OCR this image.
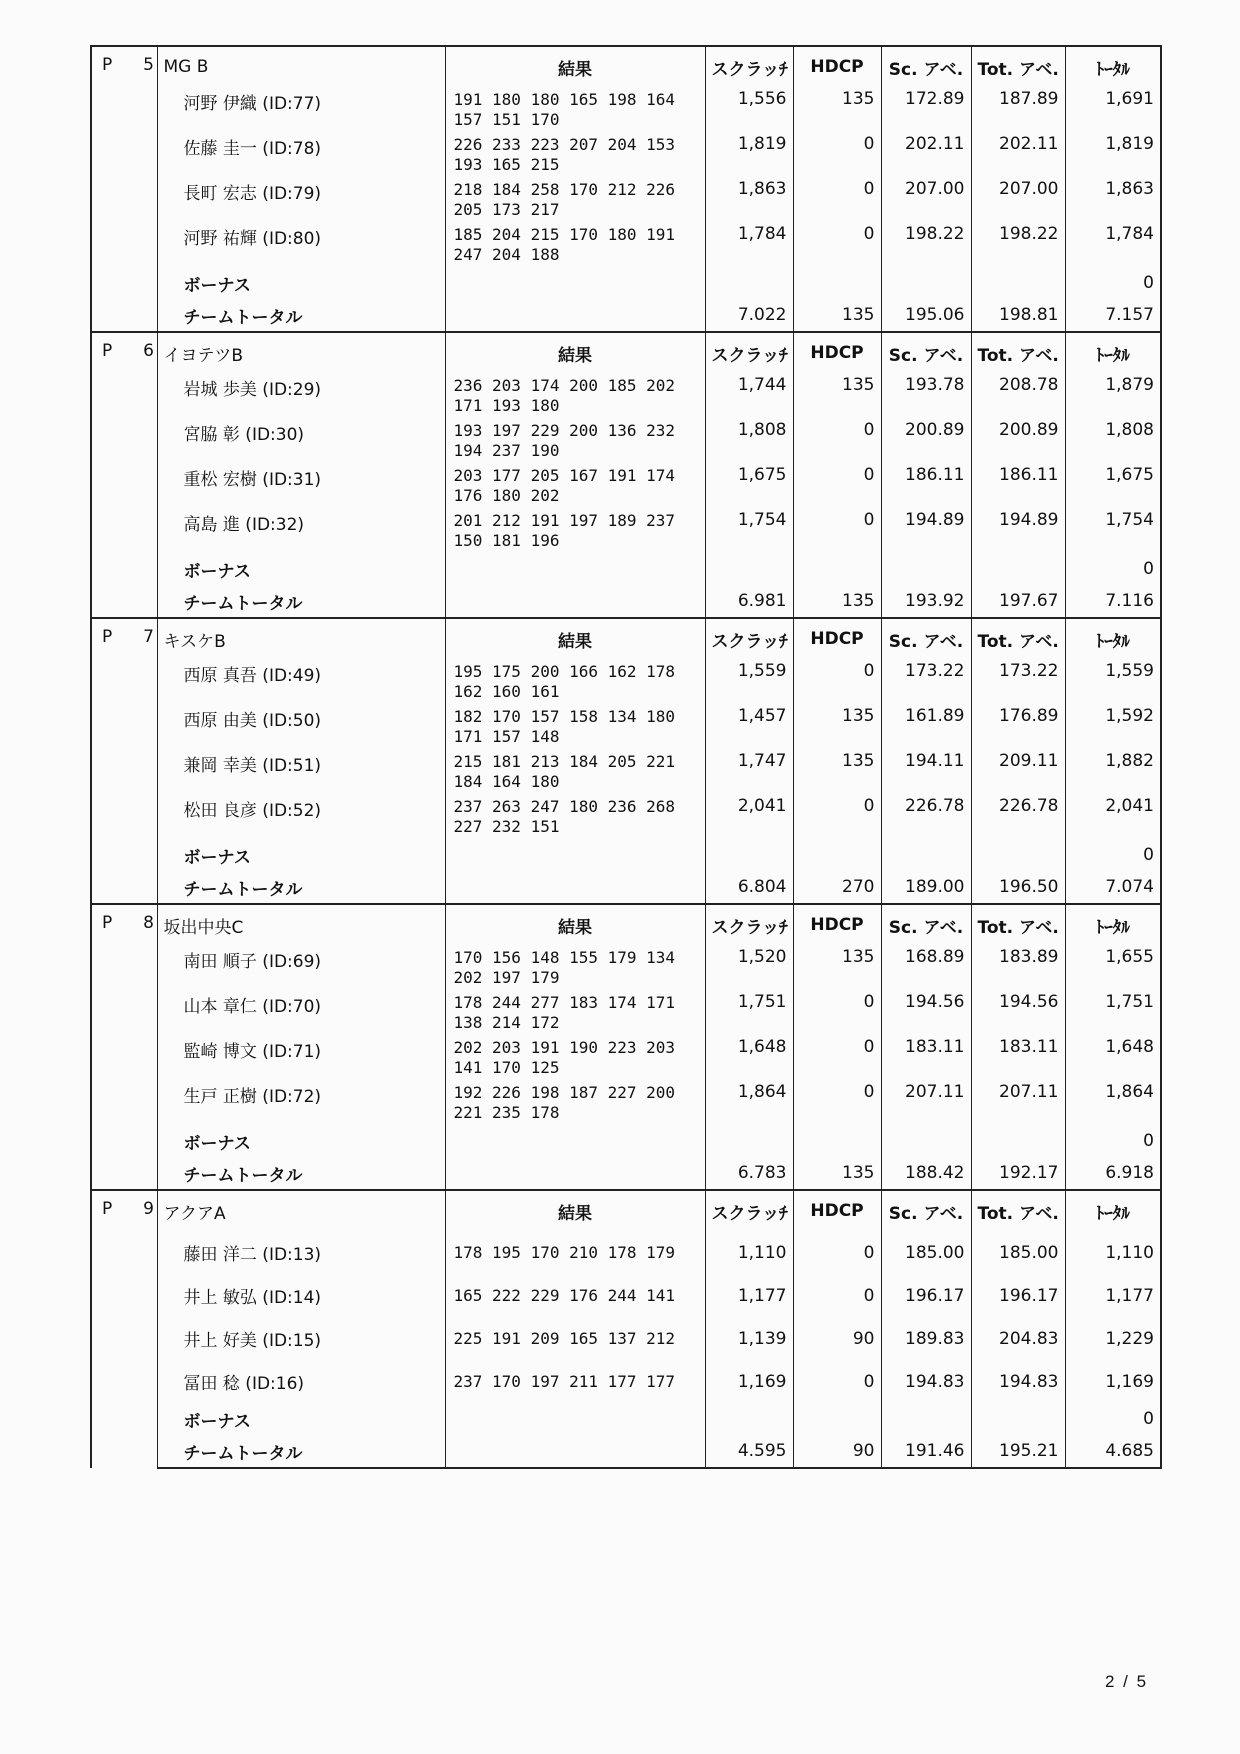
P 5	MG B	結果	スクラッﾁ	HDCP	Sc. アベ.	Tot. アベ.	ﾄｰﾀﾙ
	河野 伊織 (ID:77)	191 180 180 165 198 164
157 151 170	1,556	135	172.89	187.89	1,691
	佐藤 圭一 (ID:78)	226 233 223 207 204 153
193 165 215	1,819	0	202.11	202.11	1,819
	長町 宏志 (ID:79)	218 184 258 170 212 226
205 173 217	1,863	0	207.00	207.00	1,863
	河野 祐輝 (ID:80)	185 204 215 170 180 191
247 204 188	1,784	0	198.22	198.22	1,784
	ボーナス						0
	チームトータル		7.022	135	195.06	198.81	7.157
P 6	イヨテツB	結果	スクラッﾁ	HDCP	Sc. アベ.	Tot. アベ.	ﾄｰﾀﾙ
	岩城 歩美 (ID:29)	236 203 174 200 185 202
171 193 180	1,744	135	193.78	208.78	1,879
	宮脇 彰 (ID:30)	193 197 229 200 136 232
194 237 190	1,808	0	200.89	200.89	1,808
	重松 宏樹 (ID:31)	203 177 205 167 191 174
176 180 202	1,675	0	186.11	186.11	1,675
	高島 進 (ID:32)	201 212 191 197 189 237
150 181 196	1,754	0	194.89	194.89	1,754
	ボーナス						0
	チームトータル		6.981	135	193.92	197.67	7.116
P 7	キスケB	結果	スクラッﾁ	HDCP	Sc. アベ.	Tot. アベ.	ﾄｰﾀﾙ
	西原 真吾 (ID:49)	195 175 200 166 162 178
162 160 161	1,559	0	173.22	173.22	1,559
	西原 由美 (ID:50)	182 170 157 158 134 180
171 157 148	1,457	135	161.89	176.89	1,592
	兼岡 幸美 (ID:51)	215 181 213 184 205 221
184 164 180	1,747	135	194.11	209.11	1,882
	松田 良彦 (ID:52)	237 263 247 180 236 268
227 232 151	2,041	0	226.78	226.78	2,041
	ボーナス						0
	チームトータル		6.804	270	189.00	196.50	7.074
P 8	坂出中央C	結果	スクラッﾁ	HDCP	Sc. アベ.	Tot. アベ.	ﾄｰﾀﾙ
	南田 順子 (ID:69)	170 156 148 155 179 134
202 197 179	1,520	135	168.89	183.89	1,655
	山本 章仁 (ID:70)	178 244 277 183 174 171
138 214 172	1,751	0	194.56	194.56	1,751
	監崎 博文 (ID:71)	202 203 191 190 223 203
141 170 125	1,648	0	183.11	183.11	1,648
	生戸 正樹 (ID:72)	192 226 198 187 227 200
221 235 178	1,864	0	207.11	207.11	1,864
	ボーナス						0
	チームトータル		6.783	135	188.42	192.17	6.918
P 9	アクアA	結果	スクラッﾁ	HDCP	Sc. アベ.	Tot. アベ.	ﾄｰﾀﾙ
	藤田 洋二 (ID:13)	178 195 170 210 178 179	1,110	0	185.00	185.00	1,110
	井上 敏弘 (ID:14)	165 222 229 176 244 141	1,177	0	196.17	196.17	1,177
	井上 好美 (ID:15)	225 191 209 165 137 212	1,139	90	189.83	204.83	1,229
	冨田 稔 (ID:16)	237 170 197 211 177 177	1,169	0	194.83	194.83	1,169
	ボーナス						0
	チームトータル		4.595	90	191.46	195.21	4.685
2 / 5
